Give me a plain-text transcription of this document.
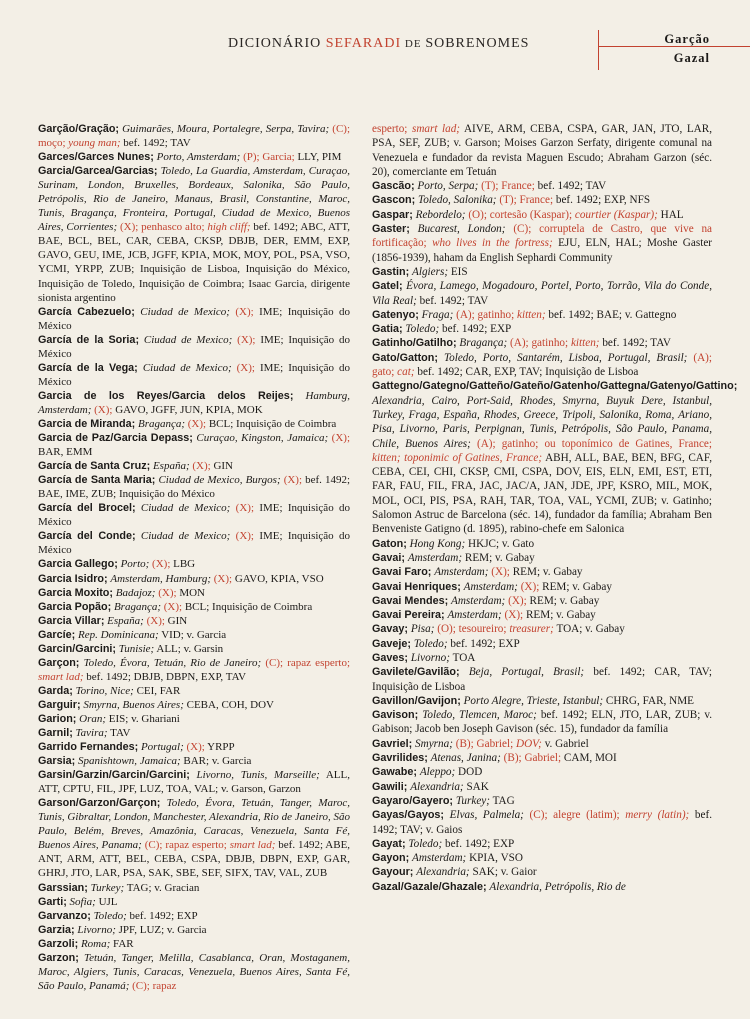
DICIONÁRIO SEFARADI DE SOBRENOMES	Garção
Gazal

Garção/Gração; Guimarães, Moura, Portalegre, Serpa, Tavira; (C); moço; young man; bef. 1492; TAV

Garces/Garces Nunes; Porto, Amsterdam; (P); Garcia; LLY, PIM

Garcia/Garcea/Garcias; Toledo, La Guardia, Amsterdam, Curaçao, Surinam, London, Bruxelles, Bordeaux, Salonika, São Paulo, Petrópolis, Rio de Janeiro, Manaus, Brasil, Constantine, Maroc, Tunis, Bragança, Fronteira, Portugal, Ciudad de Mexico, Buenos Aires, Corrientes; (X); penhasco alto; high cliff; bef. 1492; ABC, ATT, BAE, BCL, BEL, CAR, CEBA, CKSP, DBJB, DER, EMM, EXP, GAVO, GEU, IME, JCB, JGFF, KPIA, MOK, MOY, POL, PSA, VSO, YCMI, YRPP, ZUB; Inquisição de Lisboa, Inquisição do México, Inquisição de Toledo, Inquisição de Coimbra; Isaac Garcia, dirigente sionista argentino

García Cabezuelo; Ciudad de Mexico; (X); IME; Inquisição do México

García de la Soria; Ciudad de Mexico; (X); IME; Inquisição do México

García de la Vega; Ciudad de Mexico; (X); IME; Inquisição do México

Garcia de los Reyes/Garcia delos Reijes; Hamburg, Amsterdam; (X); GAVO, JGFF, JUN, KPIA, MOK

Garcia de Miranda; Bragança; (X); BCL; Inquisição de Coimbra

Garcia de Paz/Garcia Depass; Curaçao, Kingston, Jamaica; (X); BAR, EMM

García de Santa Cruz; España; (X); GIN

García de Santa Maria; Ciudad de Mexico, Burgos; (X); bef. 1492; BAE, IME, ZUB; Inquisição do México

García del Brocel; Ciudad de Mexico; (X); IME; Inquisição do México

García del Conde; Ciudad de Mexico; (X); IME; Inquisição do México

Garcia Gallego; Porto; (X); LBG

Garcia Isidro; Amsterdam, Hamburg; (X); GAVO, KPIA, VSO

Garcia Moxito; Badajoz; (X); MON

Garcia Popão; Bragança; (X); BCL; Inquisição de Coimbra

Garcia Villar; España; (X); GIN

Garcíe; Rep. Dominicana; VID; v. Garcia

Garcin/Garcini; Tunisie; ALL; v. Garsin

Garçon; Toledo, Évora, Tetuán, Rio de Janeiro; (C); rapaz esperto; smart lad; bef. 1492; DBJB, DBPN, EXP, TAV

Garda; Torino, Nice; CEI, FAR

Garguir; Smyrna, Buenos Aires; CEBA, COH, DOV

Garion; Oran; EIS; v. Ghariani

Garnil; Tavira; TAV

Garrido Fernandes; Portugal; (X); YRPP

Garsia; Spanishtown, Jamaica; BAR; v. Garcia

Garsin/Garzin/Garcin/Garcini; Livorno, Tunis, Marseille; ALL, ATT, CPTU, FIL, JPF, LUZ, TOA, VAL; v. Garson, Garzon

Garson/Garzon/Garçon; Toledo, Évora, Tetuán, Tanger, Maroc, Tunis, Gibraltar, London, Manchester, Alexandria, Rio de Janeiro, São Paulo, Belém, Breves, Amazônia, Caracas, Venezuela, Santa Fé, Buenos Aires, Panama; (C); rapaz esperto; smart lad; bef. 1492; ABE, ANT, ARM, ATT, BEL, CEBA, CSPA, DBJB, DBPN, EXP, GAR, GHRJ, JTO, LAR, PSA, SAK, SBE, SEF, SIFX, TAV, VAL, ZUB

Garssian; Turkey; TAG; v. Gracian

Garti; Sofia; UJL

Garvanzo; Toledo; bef. 1492; EXP

Garzia; Livorno; JPF, LUZ; v. Garcia

Garzoli; Roma; FAR

Garzon; Tetuán, Tanger, Melilla, Casablanca, Oran, Mostaganem, Maroc, Algiers, Tunis, Caracas, Venezuela, Buenos Aires, Santa Fé, São Paulo, Panamá; (C); rapaz

esperto; smart lad; AIVE, ARM, CEBA, CSPA, GAR, JAN, JTO, LAR, PSA, SEF, ZUB; v. Garson; Moises Garzon Serfaty, dirigente comunal na Venezuela e fundador da revista Maguen Escudo; Abraham Garzon (séc. 20), comerciante em Tetuán

Gascão; Porto, Serpa; (T); France; bef. 1492; TAV

Gascon; Toledo, Salonika; (T); France; bef. 1492; EXP, NFS

Gaspar; Rebordelo; (O); cortesão (Kaspar); courtier (Kaspar); HAL

Gaster; Bucarest, London; (C); corruptela de Castro, que vive na fortificação; who lives in the fortress; EJU, ELN, HAL; Moshe Gaster (1856-1939), haham da English Sephardi Community

Gastin; Algiers; EIS

Gatel; Évora, Lamego, Mogadouro, Portel, Porto, Torrão, Vila do Conde, Vila Real; bef. 1492; TAV

Gatenyo; Fraga; (A); gatinho; kitten; bef. 1492; BAE; v. Gattegno

Gatia; Toledo; bef. 1492; EXP

Gatinho/Gatilho; Bragança; (A); gatinho; kitten; bef. 1492; TAV

Gato/Gatton; Toledo, Porto, Santarém, Lisboa, Portugal, Brasil; (A); gato; cat; bef. 1492; CAR, EXP, TAV; Inquisição de Lisboa

Gattegno/Gategno/Gatteño/Gateño/Gatenho/Gattegna/Gatenyo/Gattino; Alexandria, Cairo, Port-Said, Rhodes, Smyrna, Buyuk Dere, Istanbul, Turkey, Fraga, España, Rhodes, Greece, Tripoli, Salonika, Roma, Ariano, Pisa, Livorno, Paris, Perpignan, Tunis, Petrópolis, São Paulo, Panama, Chile, Buenos Aires; (A); gatinho; ou toponímico de Gatines, France; kitten; toponimic of Gatines, France; ABH, ALL, BAE, BEN, BFG, CAF, CEBA, CEI, CHI, CKSP, CMI, CSPA, DOV, EIS, ELN, EMI, EST, ETI, FAR, FAU, FIL, FRA, JAC, JAC/A, JAN, JDE, JPF, KSRO, MIL, MOK, MOL, OCI, PIS, PSA, RAH, TAR, TOA, VAL, YCMI, ZUB; v. Gatinho; Salomon Astruc de Barcelona (séc. 14), fundador da família; Abraham Ben Benveniste Gatigno (d. 1895), rabino-chefe em Salonica

Gaton; Hong Kong; HKJC; v. Gato

Gavai; Amsterdam; REM; v. Gabay

Gavai Faro; Amsterdam; (X); REM; v. Gabay

Gavai Henriques; Amsterdam; (X); REM; v. Gabay

Gavai Mendes; Amsterdam; (X); REM; v. Gabay

Gavai Pereira; Amsterdam; (X); REM; v. Gabay

Gavay; Pisa; (O); tesoureiro; treasurer; TOA; v. Gabay

Gaveje; Toledo; bef. 1492; EXP

Gaves; Livorno; TOA

Gavilete/Gavilão; Beja, Portugal, Brasil; bef. 1492; CAR, TAV; Inquisição de Lisboa

Gavillon/Gavijon; Porto Alegre, Trieste, Istanbul; CHRG, FAR, NME

Gavison; Toledo, Tlemcen, Maroc; bef. 1492; ELN, JTO, LAR, ZUB; v. Gabison; Jacob ben Joseph Gavison (séc. 15), fundador da família

Gavriel; Smyrna; (B); Gabriel; DOV; v. Gabriel

Gavrilides; Atenas, Janina; (B); Gabriel; CAM, MOI

Gawabe; Aleppo; DOD

Gawili; Alexandria; SAK

Gayaro/Gayero; Turkey; TAG

Gayas/Gayos; Elvas, Palmela; (C); alegre (latim); merry (latin); bef. 1492; TAV; v. Gaios

Gayat; Toledo; bef. 1492; EXP

Gayon; Amsterdam; KPIA, VSO

Gayour; Alexandria; SAK; v. Gaior

Gazal/Gazale/Ghazale; Alexandria, Petrópolis, Rio de
